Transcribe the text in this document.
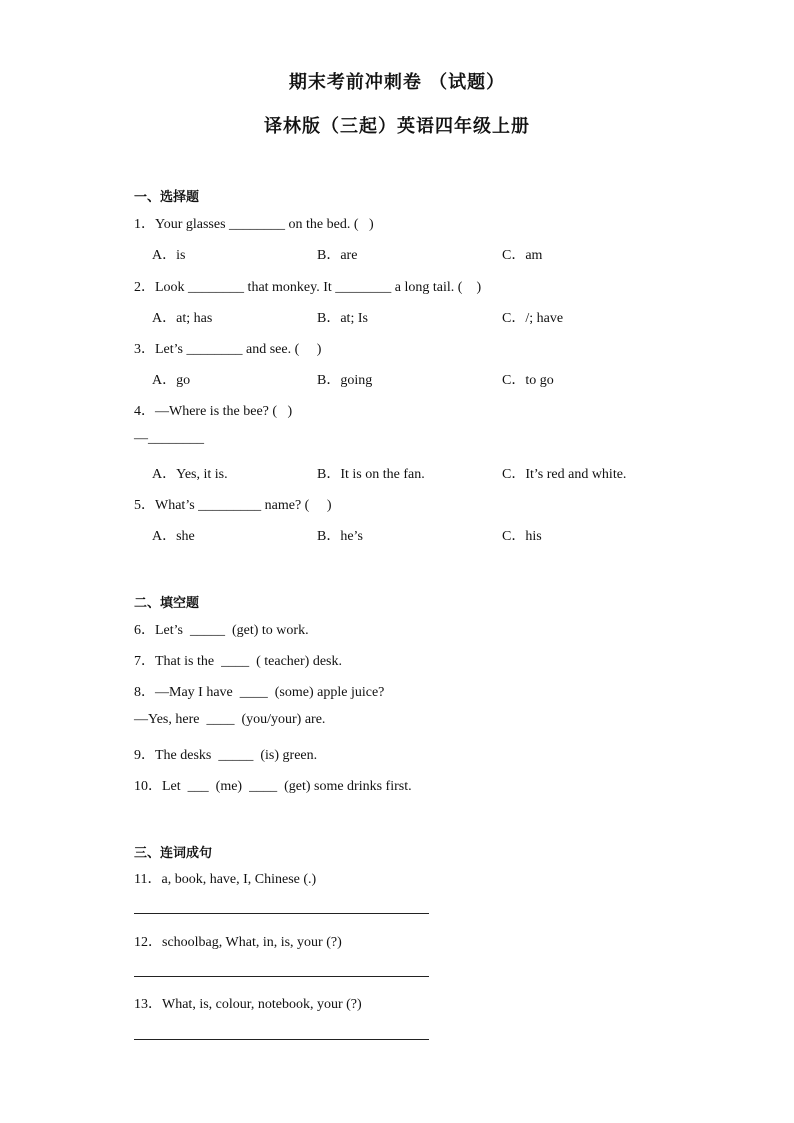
期末考前冲刺卷 （试题）
译林版（三起）英语四年级上册
一、选择题
1．Your glasses ________ on the bed. (   )
A．is	B．are	C．am
2．Look ________ that monkey. It ________ a long tail. (    )
A．at; has	B．at; Is	C．/; have
3．Let’s ________ and see. (     )
A．go	B．going	C．to go
4．—Where is the bee? (   )
—________
A．Yes, it is.	B．It is on the fan.	C．It’s red and white.
5．What’s _________ name? (     )
A．she	B．he’s	C．his
二、填空题
6．Let’s  _____  (get) to work.
7．That is the  ____  ( teacher) desk.
8．—May I have  ____  (some) apple juice?
—Yes, here  ____  (you/your) are.
9．The desks  _____  (is) green.
10．Let  ___  (me)  ____  (get) some drinks first.
三、连词成句
11．a, book, have, I, Chinese (.)
12．schoolbag, What, in, is, your (?)
13．What, is, colour, notebook, your (?)
